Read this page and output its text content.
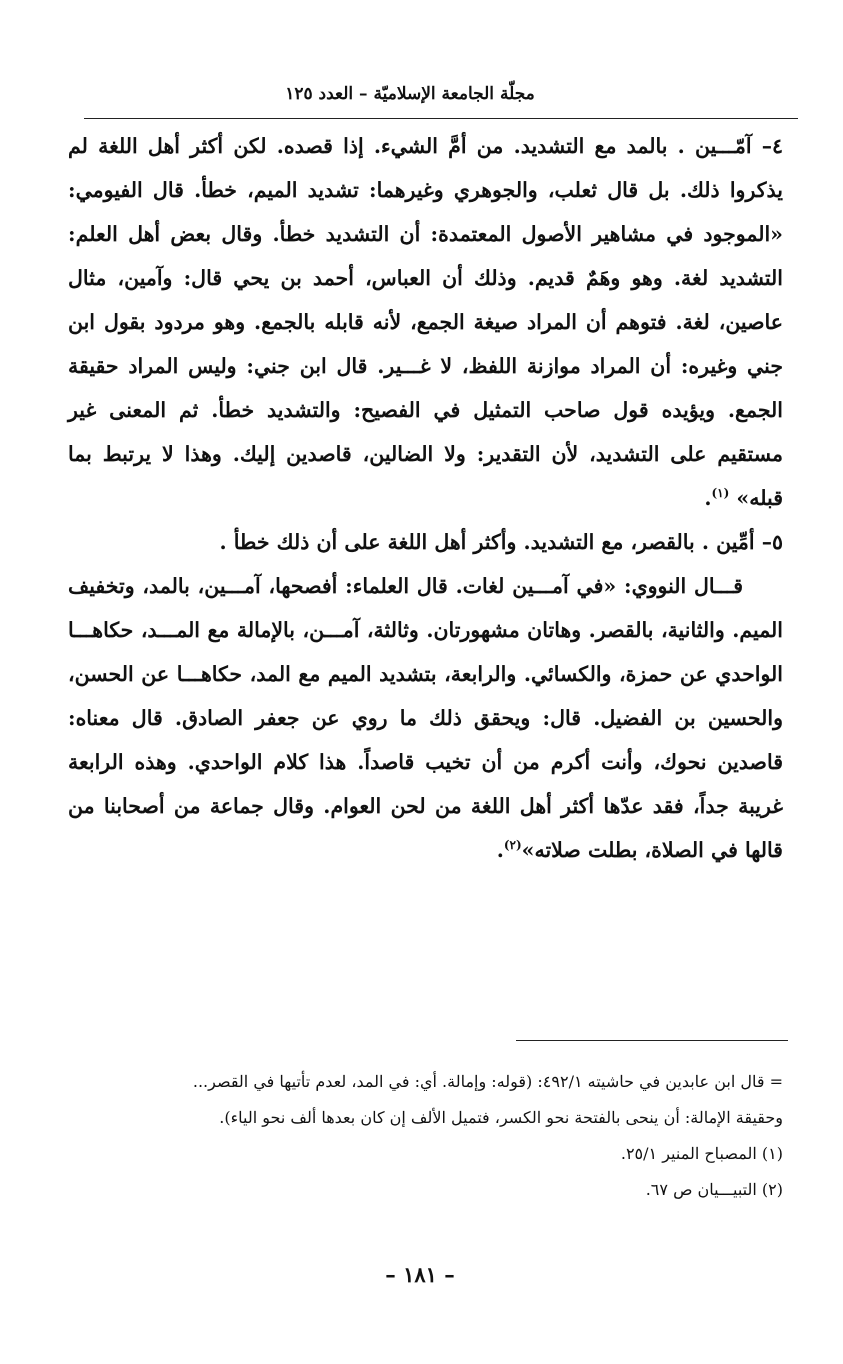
مجلّة الجامعة الإسلاميّة – العدد ١٢٥

٤– آمّـــين . بالمد مع التشديد. من أمَّ الشيء. إذا قصده. لكن أكثر أهل اللغة لم يذكروا ذلك. بل قال ثعلب، والجوهري وغيرهما: تشديد الميم، خطأ. قال الفيومي: «الموجود في مشاهير الأصول المعتمدة: أن التشديد خطأ. وقال بعض أهل العلم: التشديد لغة. وهو وهَمٌ قديم. وذلك أن العباس، أحمد بن يحي قال: وآمين، مثال عاصين، لغة. فتوهم أن المراد صيغة الجمع، لأنه قابله بالجمع. وهو مردود بقول ابن جني وغيره: أن المراد موازنة اللفظ، لا غـــير. قال ابن جني: وليس المراد حقيقة الجمع. ويؤيده قول صاحب التمثيل في الفصيح: والتشديد خطأ. ثم المعنى غير مستقيم على التشديد، لأن التقدير: ولا الضالين، قاصدين إليك. وهذا لا يرتبط بما قبله» $^{(١)}$.

٥– أمِّين . بالقصر، مع التشديد. وأكثر أهل اللغة على أن ذلك خطأ .

قـــال النووي: «في آمـــين لغات. قال العلماء: أفصحها، آمـــين، بالمد، وتخفيف الميم. والثانية، بالقصر. وهاتان مشهورتان. وثالثة، آمـــن، بالإمالة مع المـــد، حكاهـــا الواحدي عن حمزة، والكسائي. والرابعة، بتشديد الميم مع المد، حكاهـــا عن الحسن، والحسين بن الفضيل. قال: ويحقق ذلك ما روي عن جعفر الصادق. قال معناه: قاصدين نحوك، وأنت أكرم من أن تخيب قاصداً. هذا كلام الواحدي. وهذه الرابعة غريبة جداً، فقد عدّها أكثر أهل اللغة من لحن العوام. وقال جماعة من أصحابنا من قالها في الصلاة، بطلت صلاته»$^{(٢)}$.

= قال ابن عابدين في حاشيته ٤٩٢/١: (قوله: وإمالة. أي: في المد، لعدم تأتيها في القصر...

وحقيقة الإمالة: أن ينحى بالفتحة نحو الكسر، فتميل الألف إن كان بعدها ألف نحو الياء).

(١) المصباح المنير ٢٥/١.

(٢) التبيـــيان ص ٦٧.

– ١٨١ –
